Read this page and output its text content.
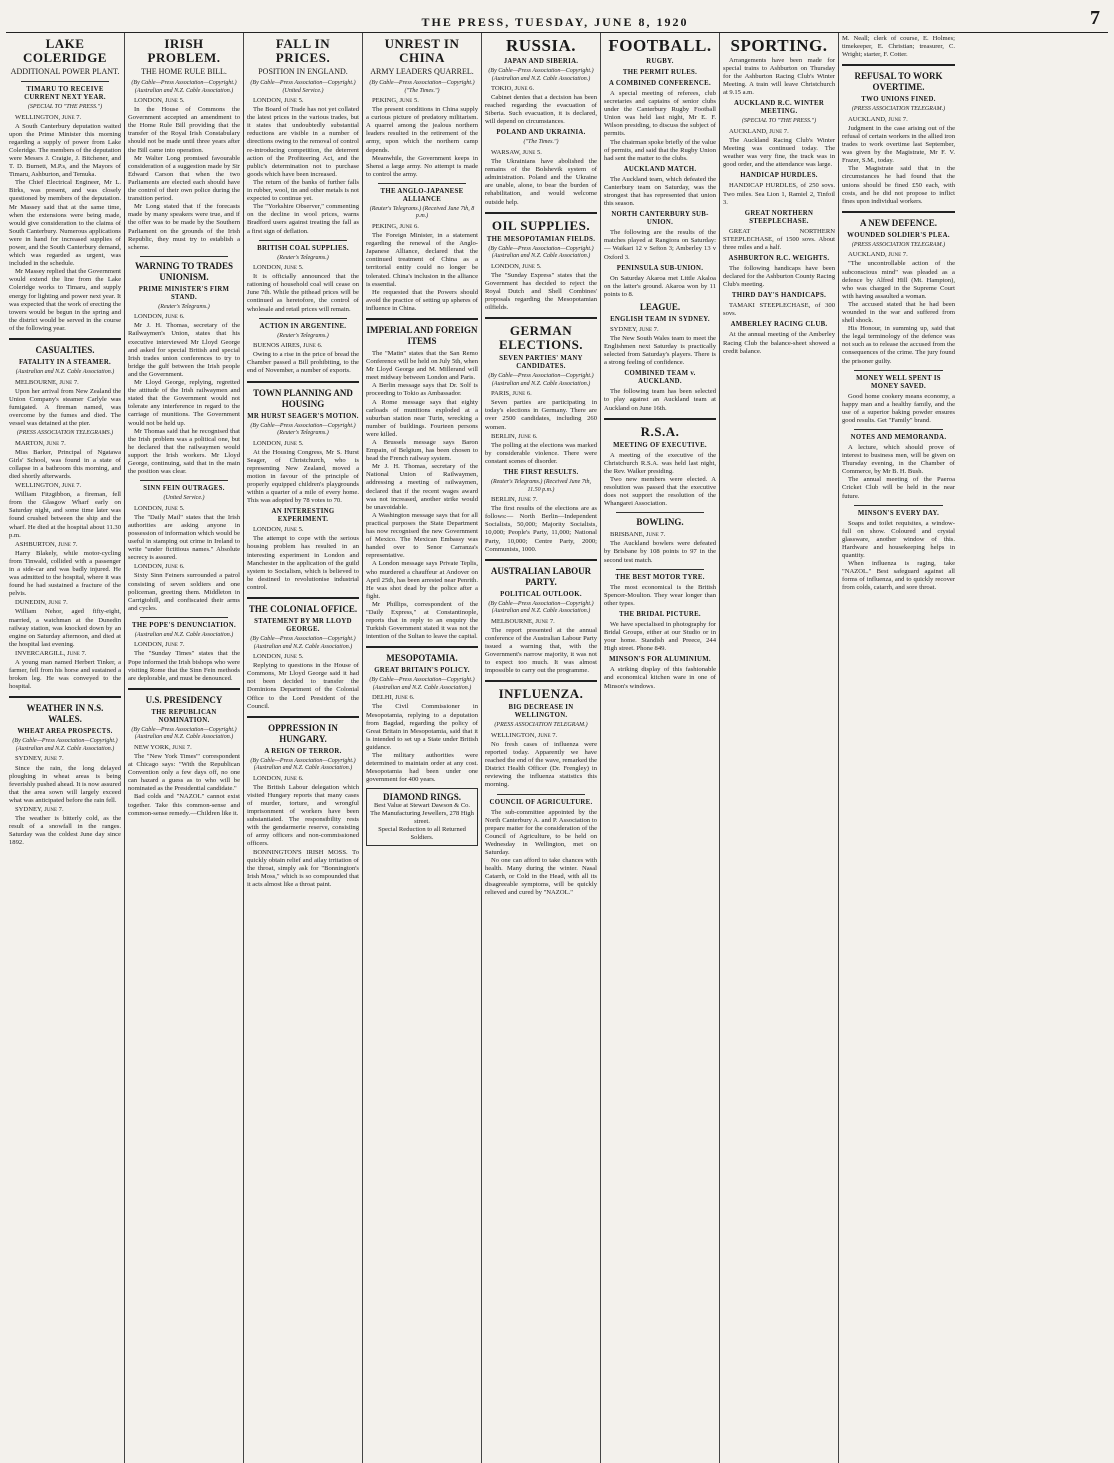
THE PRESS, TUESDAY, JUNE 8, 1920	7
LAKE COLERIDGE
ADDITIONAL POWER PLANT.
TIMARU TO RECEIVE CURRENT NEXT YEAR.
(SPECIAL TO "THE PRESS.")
WELLINGTON, June 7.

A South Canterbury deputation waited upon the Prime Minister this morning regarding a supply of power from Lake Coleridge. The members of the deputation were Messrs J. Craigie, J. Bitchener, and T. D. Burnett, M.P.s, and the Mayors of Timaru, Ashburton, and Temuka.

The Chief Electrical Engineer, Mr L. Birks, was present, and was closely questioned by members of the deputation. Mr Massey said that at the same time, when the extensions were being made, would give consideration to the claims of South Canterbury. Numerous applications were in hand for increased supplies of power, and the South Canterbury demand, which was regarded as urgent, was included in the schedule.

Mr Massey replied that the Government would extend the line from the Lake Coleridge works to Timaru, and supply energy for lighting and power next year. It was expected that the work of erecting the towers would be begun in the spring and the district would be served in the course of the following year.

CASUALTIES.
FATALITY IN A STEAMER.
(Australian and N.Z. Cable Association.)
MELBOURNE, June 7.

Upon her arrival from New Zealand the Union Company's steamer Carlyle was fumigated. A fireman named, was overcome by the fumes and died. The vessel was detained at the pier.

(PRESS ASSOCIATION TELEGRAMS.)
MARTON, June 7.

Miss Barker, Principal of Ngatawa Girls' School, was found in a state of collapse in a bathroom this morning, and died shortly afterwards.

WELLINGTON, June 7.

William Fitzgibbon, a fireman, fell from the Glasgow Wharf early on Saturday night, and some time later was found crushed between the ship and the wharf. He died at the hospital about 11.30 p.m.

ASHBURTON, June 7.

Harry Blakely, while motor-cycling from Tinwald, collided with a passenger in a side-car and was badly injured. He was admitted to the hospital, where it was found he had sustained a fracture of the pelvis.

DUNEDIN, June 7.

William Nehor, aged fifty-eight, married, a watchman at the Dunedin railway station, was knocked down by an engine on Saturday afternoon, and died at the hospital last evening.

INVERCARGILL, June 7.

A young man named Herbert Tinker, a farmer, fell from his horse and sustained a broken leg. He was conveyed to the hospital.

WEATHER IN N.S. WALES.
WHEAT AREA PROSPECTS.
(By Cable—Press Association—Copyright.) (Australian and N.Z. Cable Association.)
SYDNEY, June 7.

Since the rain, the long delayed ploughing in wheat areas is being feverishly pushed ahead. It is now assured that the area sown will largely exceed what was anticipated before the rain fell.

SYDNEY, June 7.

The weather is bitterly cold, as the result of a snowfall in the ranges. Saturday was the coldest June day since 1892.

IRISH PROBLEM.
THE HOME RULE BILL.
(By Cable—Press Association—Copyright.) (Australian and N.Z. Cable Association.)
LONDON, June 5.

In the House of Commons the Government accepted an amendment to the Home Rule Bill providing that the transfer of the Royal Irish Constabulary should not be made until three years after the Bill came into operation.

Mr Walter Long promised favourable consideration of a suggestion made by Sir Edward Carson that when the two Parliaments are elected each should have the control of their own police during the transition period.

Mr Long stated that if the forecasts made by many speakers were true, and if the offer was to be made by the Southern Parliament on the grounds of the Irish Republic, they must try to establish a scheme.

WARNING TO TRADES UNIONISM.
PRIME MINISTER'S FIRM STAND.
(Reuter's Telegrams.)
LONDON, June 6.

Mr J. H. Thomas, secretary of the Railwaymen's Union, states that his executive interviewed Mr Lloyd George and asked for special British and special Irish trades union conferences to try to bridge the gulf between the Irish people and the Government.

Mr Lloyd George, replying, regretted the attitude of the Irish railwaymen and stated that the Government would not tolerate any interference in regard to the carriage of munitions. The Government would not be held up.

Mr Thomas said that he recognised that the Irish problem was a political one, but he declared that the railwaymen would support the Irish workers. Mr Lloyd George, continuing, said that in the main the position was clear.

SINN FEIN OUTRAGES.
(United Service.)
LONDON, June 5.

The "Daily Mail" states that the Irish authorities are asking anyone in possession of information which would be useful in stamping out crime in Ireland to write "under fictitious names." Absolute secrecy is assured.

LONDON, June 6.

Sixty Sinn Feiners surrounded a patrol consisting of seven soldiers and one policeman, greeting them. Middleton in Carrigtohill, and confiscated their arms and cycles.

THE POPE'S DENUNCIATION.
(Australian and N.Z. Cable Association.)
LONDON, June 7.

The "Sunday Times" states that the Pope informed the Irish bishops who were visiting Rome that the Sinn Fein methods are deplorable, and must be denounced.

U.S. PRESIDENCY
THE REPUBLICAN NOMINATION.
(By Cable—Press Association—Copyright.) (Australian and N.Z. Cable Association.)
NEW YORK, June 7.

The "New York Times'" correspondent at Chicago says: "With the Republican Convention only a few days off, no one can hazard a guess as to who will be nominated as the Presidential candidate."

Bad colds and "NAZOL" cannot exist together. Take this common-sense and common-sense remedy.—Children like it.

FALL IN PRICES.
POSITION IN ENGLAND.
(By Cable—Press Association—Copyright.) (United Service.)
LONDON, June 5.

The Board of Trade has not yet collated the latest prices in the various trades, but it states that undoubtedly substantial reductions are visible in a number of directions owing to the removal of control re-introducing competition, the deterrent action of the Profiteering Act, and the public's determination not to purchase goods which have been increased.

The return of the banks of further falls in rubber, wool, tin and other metals is not expected to continue yet.

The "Yorkshire Observer," commenting on the decline in wool prices, warns Bradford users against treating the fall as a first sign of deflation.

BRITISH COAL SUPPLIES.
(Reuter's Telegrams.)
LONDON, June 5.

It is officially announced that the rationing of household coal will cease on June 7th. While the pithead prices will be continued as heretofore, the control of wholesale and retail prices will remain.

ACTION IN ARGENTINE.
(Reuter's Telegrams.)
BUENOS AIRES, June 6.

Owing to a rise in the price of bread the Chamber passed a Bill prohibiting, to the end of November, a number of exports.

TOWN PLANNING AND HOUSING
MR HURST SEAGER'S MOTION.
(By Cable—Press Association—Copyright.) (Reuter's Telegrams.)
LONDON, June 5.

At the Housing Congress, Mr S. Hurst Seager, of Christchurch, who is representing New Zealand, moved a motion in favour of the principle of properly equipped children's playgrounds within a quarter of a mile of every home. This was adopted by 78 votes to 70.

AN INTERESTING EXPERIMENT.
LONDON, June 5.

The attempt to cope with the serious housing problem has resulted in an interesting experiment in London and Manchester in the application of the guild system to Socialism, which is believed to be destined to revolutionise industrial control.

THE COLONIAL OFFICE.
STATEMENT BY MR LLOYD GEORGE.
(By Cable—Press Association—Copyright.) (Australian and N.Z. Cable Association.)
LONDON, June 5.

Replying to questions in the House of Commons, Mr Lloyd George said it had not been decided to transfer the Dominions Department of the Colonial Office to the Lord President of the Council.

OPPRESSION IN HUNGARY.
A REIGN OF TERROR.
(By Cable—Press Association—Copyright.) (Australian and N.Z. Cable Association.)
LONDON, June 6.

The British Labour delegation which visited Hungary reports that many cases of murder, torture, and wrongful imprisonment of workers have been substantiated. The responsibility rests with the gendarmerie reserve, consisting of army officers and non-commissioned officers.

BONNINGTON'S IRISH MOSS. To quickly obtain relief and ailay irritation of the throat, simply ask for "Bonnington's Irish Moss," which is so compounded that it acts almost like a throat paint.

UNREST IN CHINA
ARMY LEADERS QUARREL.
(By Cable—Press Association—Copyright.) ("The Times.")
PEKING, June 5.

The present conditions in China supply a curious picture of predatory militarism. A quarrel among the jealous northern leaders resulted in the retirement of the army, upon which the northern camp depends.

Meanwhile, the Government keeps in Shensi a large army. No attempt is made to control the army.

THE ANGLO-JAPANESE ALLIANCE
(Reuter's Telegrams.) (Received June 7th, 8 p.m.)
PEKING, June 6.

The Foreign Minister, in a statement regarding the renewal of the Anglo-Japanese Alliance, declared that the continued treatment of China as a territorial entity could no longer be tolerated. China's inclusion in the alliance is essential.

He requested that the Powers should avoid the practice of setting up spheres of influence in China.

IMPERIAL AND FOREIGN ITEMS

The "Matin" states that the San Remo Conference will be held on July 5th, when Mr Lloyd George and M. Millerand will meet midway between London and Paris.

A Berlin message says that Dr. Solf is proceeding to Tokio as Ambassador.

A Rome message says that eighty carloads of munitions exploded at a suburban station near Turin, wrecking a number of buildings. Fourteen persons were killed.

A Brussels message says Baron Empain, of Belgium, has been chosen to head the French railway system.

Mr J. H. Thomas, secretary of the National Union of Railwaymen, addressing a meeting of railwaymen, declared that if the recent wages award was not increased, another strike would be unavoidable.

A Washington message says that for all practical purposes the State Department has now recognised the new Government of Mexico. The Mexican Embassy was handed over to Senor Carranza's representative.

A London message says Private Teplis, who murdered a chauffeur at Andover on April 25th, has been arrested near Penrith. He was shot dead by the police after a fight.

Mr Phillips, correspondent of the "Daily Express," at Constantinople, reports that in reply to an enquiry the Turkish Government stated it was not the intention of the Sultan to leave the capital.

MESOPOTAMIA.
GREAT BRITAIN'S POLICY.
(By Cable—Press Association—Copyright.) (Australian and N.Z. Cable Association.)
DELHI, June 6.

The Civil Commissioner in Mesopotamia, replying to a deputation from Bagdad, regarding the policy of Great Britain in Mesopotamia, said that it is intended to set up a State under British guidance.

The military authorities were determined to maintain order at any cost. Mesopotamia had been under one government for 400 years.

DIAMOND RINGS.
Best Value at Stewart Dawson & Co. The Manufacturing Jewellers, 278 High street.
Special Reduction to all Returned Soldiers.
RUSSIA.
JAPAN AND SIBERIA.
(By Cable—Press Association—Copyright.) (Australian and N.Z. Cable Association.)
TOKIO, June 6.

Cabinet denies that a decision has been reached regarding the evacuation of Siberia. Such evacuation, it is declared, will depend on circumstances.

POLAND AND UKRAINIA.
("The Times.")
WARSAW, June 5.

The Ukrainians have abolished the remains of the Bolshevik system of administration. Poland and the Ukraine are unable, alone, to bear the burden of rehabilitation, and would welcome outside help.

OIL SUPPLIES.
THE MESOPOTAMIAN FIELDS.
(By Cable—Press Association—Copyright.) (Australian and N.Z. Cable Association.)
LONDON, June 5.

The "Sunday Express" states that the Government has decided to reject the Royal Dutch and Shell Combines' proposals regarding the Mesopotamian oilfields.

GERMAN ELECTIONS.
SEVEN PARTIES' MANY CANDIDATES.
(By Cable—Press Association—Copyright.) (Australian and N.Z. Cable Association.)
PARIS, June 6.

Seven parties are participating in today's elections in Germany. There are over 2500 candidates, including 260 women.

BERLIN, June 6.

The polling at the elections was marked by considerable violence. There were constant scenes of disorder.

THE FIRST RESULTS.
(Reuter's Telegrams.) (Received June 7th, 11.50 p.m.)
BERLIN, June 7.

The first results of the elections are as follows:— North Berlin—Independent Socialists, 50,000; Majority Socialists, 10,000; People's Party, 11,000; National Party, 10,000; Centre Party, 2000; Communists, 1000.

AUSTRALIAN LABOUR PARTY.
POLITICAL OUTLOOK.
(By Cable—Press Association—Copyright.) (Australian and N.Z. Cable Association.)
MELBOURNE, June 7.

The report presented at the annual conference of the Australian Labour Party issued a warning that, with the Government's narrow majority, it was not to expect too much. It was almost impossible to carry out the programme.

INFLUENZA.
BIG DECREASE IN WELLINGTON.
(PRESS ASSOCIATION TELEGRAM.)
WELLINGTON, June 7.

No fresh cases of influenza were reported today. Apparently we have reached the end of the wave, remarked the District Health Officer (Dr. Frengley) in reviewing the influenza statistics this morning.

COUNCIL OF AGRICULTURE.

The sub-committee appointed by the North Canterbury A. and P. Association to prepare matter for the consideration of the Council of Agriculture, to be held on Wednesday in Wellington, met on Saturday.

No one can afford to take chances with health. Many during the winter. Nasal Catarrh, or Cold in the Head, with all its disagreeable symptoms, will be quickly relieved and cured by "NAZOL."

FOOTBALL.
RUGBY.
THE PERMIT RULES.
A COMBINED CONFERENCE.

A special meeting of referees, club secretaries and captains of senior clubs under the Canterbury Rugby Football Union was held last night, Mr E. F. Wilson presiding, to discuss the subject of permits.

The chairman spoke briefly of the value of permits, and said that the Rugby Union had sent the matter to the clubs.

AUCKLAND MATCH.

The Auckland team, which defeated the Canterbury team on Saturday, was the strongest that has represented that union this season.

NORTH CANTERBURY SUB-UNION.

The following are the results of the matches played at Rangiora on Saturday:— Waikari 12 v Sefton 3; Amberley 13 v Oxford 3.

PENINSULA SUB-UNION.

On Saturday Akaroa met Little Akaloa on the latter's ground. Akaroa won by 11 points to 8.

LEAGUE.
ENGLISH TEAM IN SYDNEY.
SYDNEY, June 7.

The New South Wales team to meet the Englishmen next Saturday is practically selected from Saturday's players. There is a strong feeling of confidence.

COMBINED TEAM v. AUCKLAND.

The following team has been selected to play against an Auckland team at Auckland on June 16th.

R.S.A.
MEETING OF EXECUTIVE.

A meeting of the executive of the Christchurch R.S.A. was held last night, the Rev. Walker presiding.

Two new members were elected. A resolution was passed that the executive does not support the resolution of the Whangarei Association.

BOWLING.
BRISBANE, June 7.

The Auckland bowlers were defeated by Brisbane by 108 points to 97 in the second test match.

THE BEST MOTOR TYRE.

The most economical is the British Spencer-Moulton. They wear longer than other types.

THE BRIDAL PICTURE.

We have specialised in photography for Bridal Groups, either at our Studio or in your home. Standish and Preece, 244 High street. Phone 849.

MINSON'S FOR ALUMINIUM.

A striking display of this fashionable and economical kitchen ware in one of Minson's windows.

SPORTING.

Arrangements have been made for special trains to Ashburton on Thursday for the Ashburton Racing Club's Winter Meeting. A train will leave Christchurch at 9.15 a.m.

AUCKLAND R.C. WINTER MEETING.
(SPECIAL TO "THE PRESS.")
AUCKLAND, June 7.

The Auckland Racing Club's Winter Meeting was continued today. The weather was very fine, the track was in good order, and the attendance was large.

HANDICAP HURDLES.

HANDICAP HURDLES, of 250 sovs. Two miles. Sea Lion 1, Ramiel 2, Tinfoil 3.

GREAT NORTHERN STEEPLECHASE.

GREAT NORTHERN STEEPLECHASE, of 1500 sovs. About three miles and a half.

ASHBURTON R.C. WEIGHTS.

The following handicaps have been declared for the Ashburton County Racing Club's meeting.

THIRD DAY'S HANDICAPS.

TAMAKI STEEPLECHASE, of 300 sovs.

AMBERLEY RACING CLUB.

At the annual meeting of the Amberley Racing Club the balance-sheet showed a credit balance.

M. Neall; clerk of course, E. Holmes; timekeeper, E. Christian; treasurer, C. Wright; starter, F. Cotter.

REFUSAL TO WORK OVERTIME.
TWO UNIONS FINED.
(PRESS ASSOCIATION TELEGRAM.)
AUCKLAND, June 7.

Judgment in the case arising out of the refusal of certain workers in the allied iron trades to work overtime last September, was given by the Magistrate, Mr F. V. Frazer, S.M., today.

The Magistrate said that in the circumstances he had found that the unions should be fined £50 each, with costs, and he did not propose to inflict fines upon individual workers.

A NEW DEFENCE.
WOUNDED SOLDIER'S PLEA.
(PRESS ASSOCIATION TELEGRAM.)
AUCKLAND, June 7.

"The uncontrollable action of the subconscious mind" was pleaded as a defence by Alfred Hill (Mt. Hampton), who was charged in the Supreme Court with having assaulted a woman.

The accused stated that he had been wounded in the war and suffered from shell shock.

His Honour, in summing up, said that the legal terminology of the defence was not such as to release the accused from the consequences of the crime. The jury found the prisoner guilty.

MONEY WELL SPENT IS MONEY SAVED.

Good home cookery means economy, a happy man and a healthy family, and the use of a superior baking powder ensures good results. Get "Family" brand.

NOTES AND MEMORANDA.

A lecture, which should prove of interest to business men, will be given on Thursday evening, in the Chamber of Commerce, by Mr B. H. Bush.

The annual meeting of the Paeroa Cricket Club will be held in the near future.

MINSON'S EVERY DAY.

Soaps and toilet requisites, a window-full on show. Coloured and crystal glassware, another window of this. Hardware and housekeeping helps in quantity.

When influenza is raging, take "NAZOL." Best safeguard against all forms of influenza, and to quickly recover from colds, catarrh, and sore throat.
